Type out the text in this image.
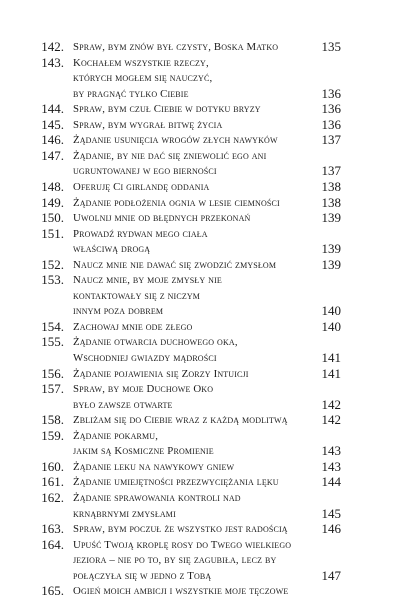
142. Spraw, bym znów był czysty, Boska Matko	135
143. Kochałem wszystkie rzeczy,
których mogłem się nauczyć,
by pragnąć tylko Ciebie	136
144. Spraw, bym czuł Ciebie w dotyku bryzy	136
145. Spraw, bym wygrał bitwę życia	136
146. Żądanie usunięcia wrogów złych nawyków	137
147. Żądanie, by nie dać się zniewolić ego ani
ugruntowanej w ego bierności	137
148. Oferuję Ci girlandę oddania	138
149. Żądanie podłożenia ognia w lesie ciemności	138
150. Uwolnij mnie od błędnych przekonań	139
151. Prowadź rydwan mego ciała
właściwą drogą	139
152. Naucz mnie nie dawać się zwodzić zmysłom	139
153. Naucz mnie, by moje zmysły nie
kontaktowały się z niczym
innym poza dobrem	140
154. Zachowaj mnie ode złego	140
155. Żądanie otwarcia duchowego oka,
Wschodniej gwiazdy mądrości	141
156. Żądanie pojawienia się Zorzy Intuicji	141
157. Spraw, by moje Duchowe Oko
było zawsze otwarte	142
158. Zbliżam się do Ciebie wraz z każdą modlitwą	142
159. Żądanie pokarmu,
jakim są Kosmiczne Promienie	143
160. Żądanie leku na nawykowy gniew	143
161. Żądanie umiejętności przezwyciężania lęku	144
162. Żądanie sprawowania kontroli nad
krnąbrnymi zmysłami	145
163. Spraw, bym poczuł że wszystko jest radością	146
164. Upuść Twoją kroplę rosy do Twego wielkiego
jeziora – nie po to, by się zagubiła, lecz by
połączyła się w jedno z Tobą	147
165. Ogień moich ambicji i wszystkie moje tęczowe
